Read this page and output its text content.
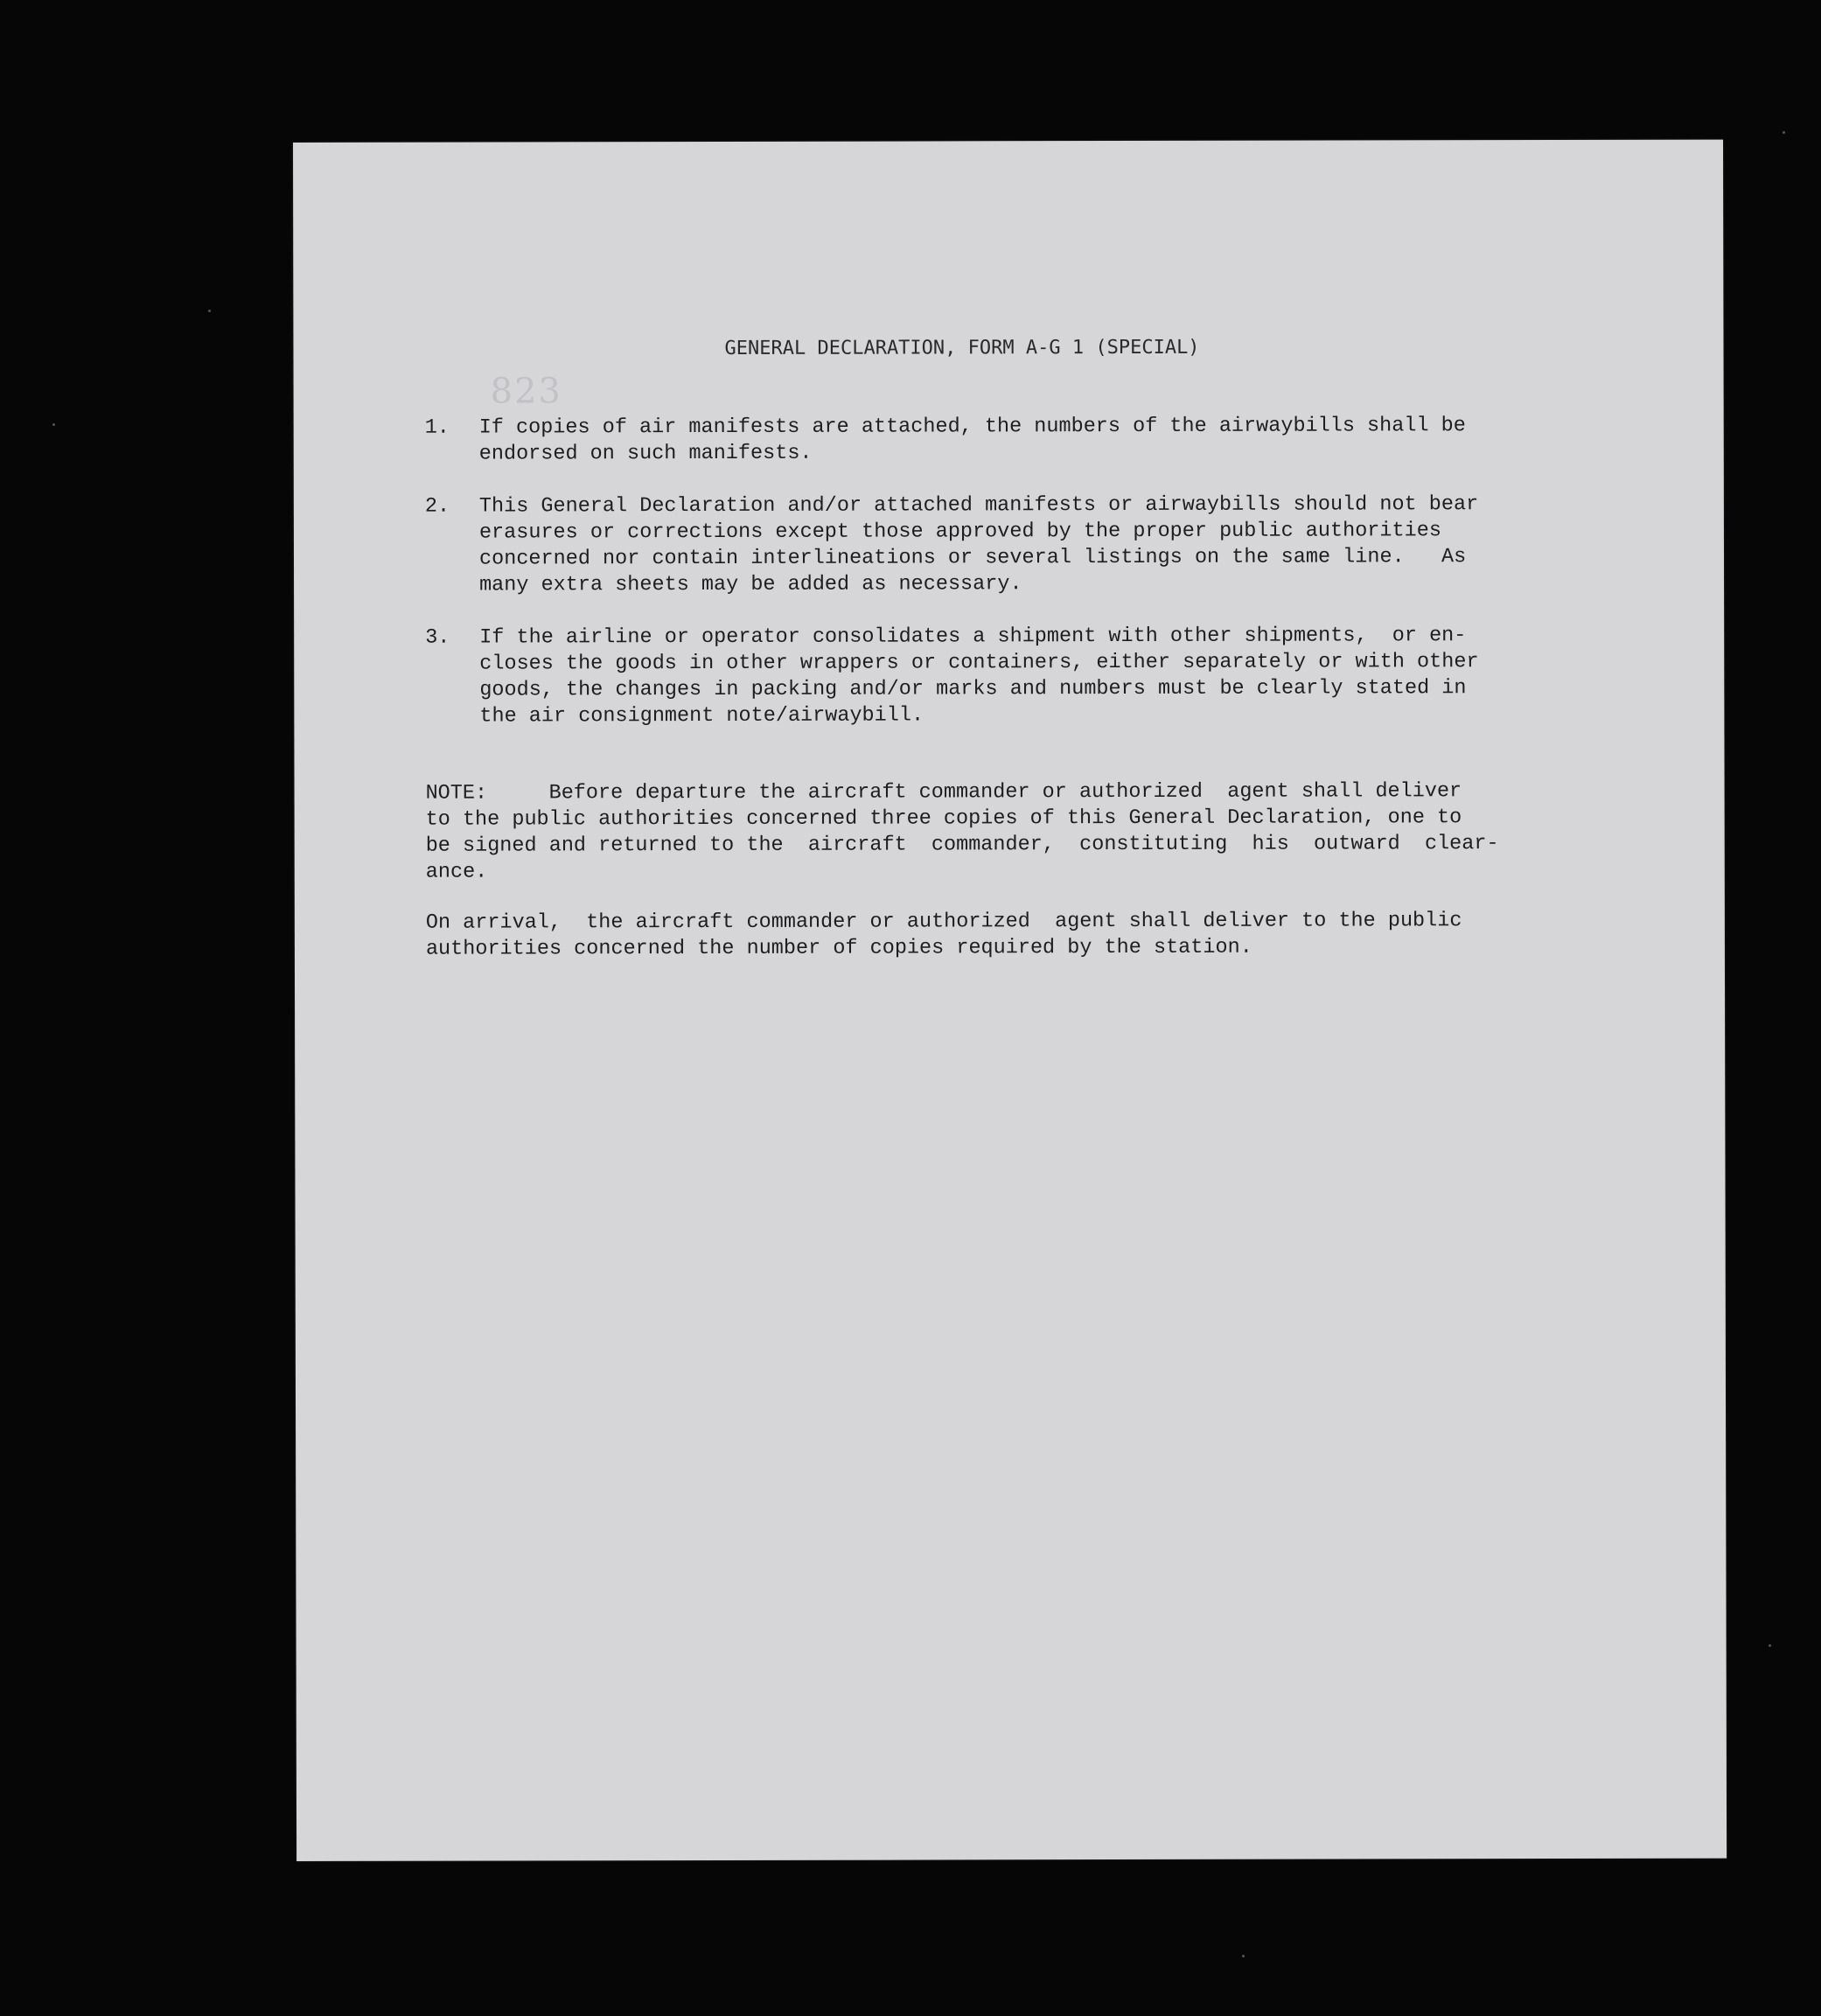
823
GENERAL DECLARATION, FORM A-G 1 (SPECIAL)
1.	If copies of air manifests are attached, the numbers of the airwaybills shall be
endorsed on such manifests.
2.	This General Declaration and/or attached manifests or airwaybills should not bear
erasures or corrections except those approved by the proper public authorities
concerned nor contain interlineations or several listings on the same line.   As
many extra sheets may be added as necessary.
3.	If the airline or operator consolidates a shipment with other shipments,  or en-
closes the goods in other wrappers or containers, either separately or with other
goods, the changes in packing and/or marks and numbers must be clearly stated in
the air consignment note/airwaybill.
NOTE:     Before departure the aircraft commander or authorized  agent shall deliver
to the public authorities concerned three copies of this General Declaration, one to
be signed and returned to the  aircraft  commander,  constituting  his  outward  clear-
ance.
On arrival,  the aircraft commander or authorized  agent shall deliver to the public
authorities concerned the number of copies required by the station.
